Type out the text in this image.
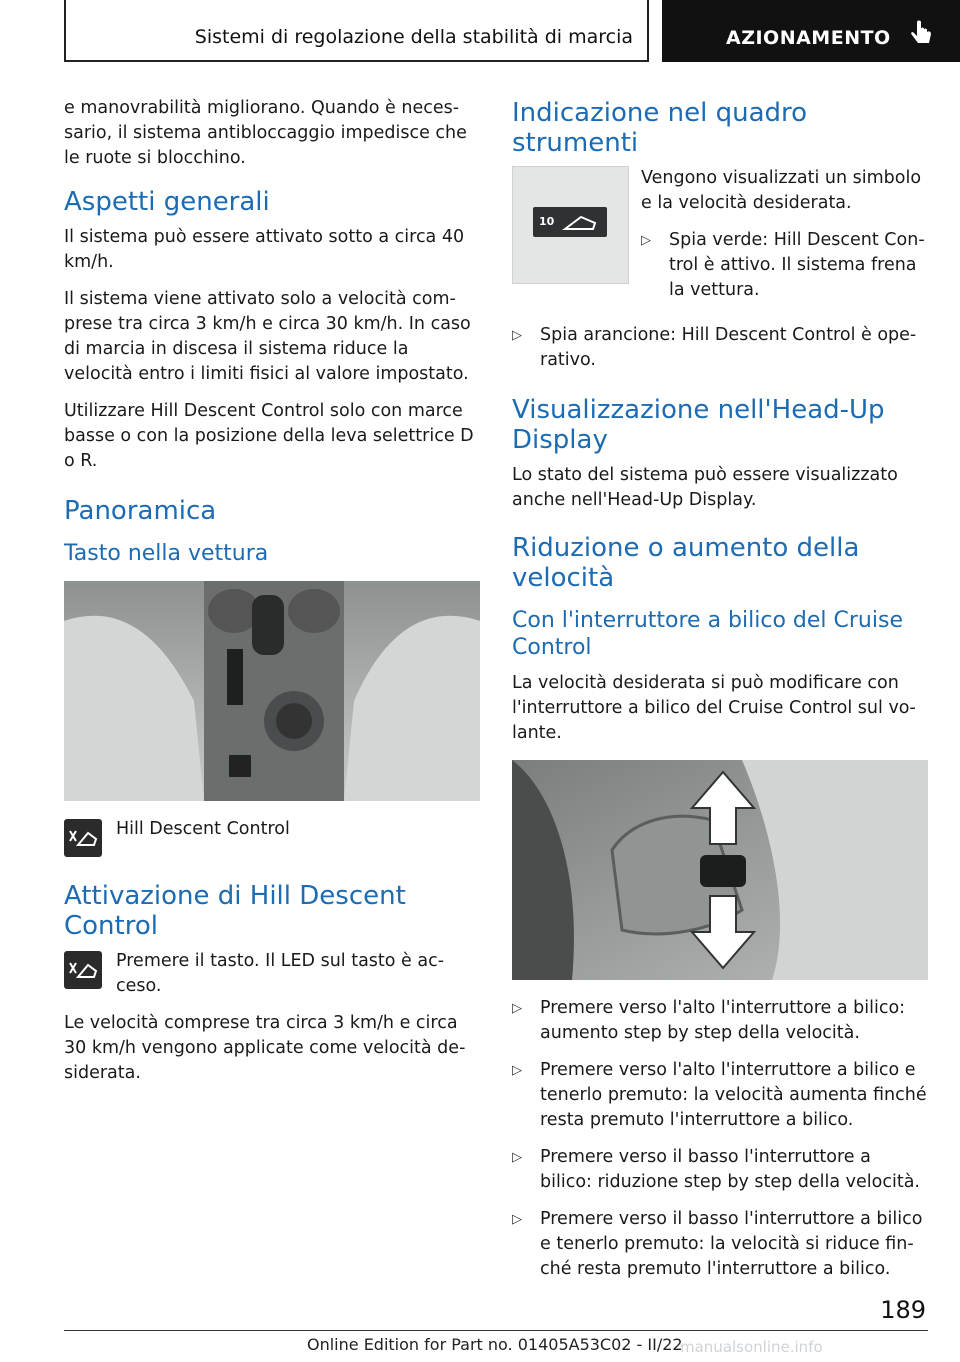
Sistemi di regolazione della stabilità di marcia	AZIONAMENTO

e manovrabilità migliorano. Quando è necessario, il sistema antibloccaggio impedisce che le ruote si blocchino.

Aspetti generali

Il sistema può essere attivato sotto a circa 40 km/h.

Il sistema viene attivato solo a velocità comprese tra circa 3 km/h e circa 30 km/h. In caso di marcia in discesa il sistema riduce la velocità entro i limiti fisici al valore impostato.

Utilizzare Hill Descent Control solo con marce basse o con la posizione della leva selettrice D o R.

Panoramica
Tasto nella vettura

Hill Descent Control

Attivazione di Hill Descent Control

Premere il tasto. Il LED sul tasto è acceso.

Le velocità comprese tra circa 3 km/h e circa 30 km/h vengono applicate come velocità desiderata.

Indicazione nel quadro strumenti
10

Vengono visualizzati un simbolo e la velocità desiderata.

▷ Spia verde: Hill Descent Control è attivo. Il sistema frena la vettura.
▷ Spia arancione: Hill Descent Control è operativo.
Visualizzazione nell'Head-Up Display

Lo stato del sistema può essere visualizzato anche nell'Head-Up Display.

Riduzione o aumento della velocità
Con l'interruttore a bilico del Cruise Control

La velocità desiderata si può modificare con l'interruttore a bilico del Cruise Control sul volante.

▷ Premere verso l'alto l'interruttore a bilico: aumento step by step della velocità.
▷ Premere verso l'alto l'interruttore a bilico e tenerlo premuto: la velocità aumenta finché resta premuto l'interruttore a bilico.
▷ Premere verso il basso l'interruttore a bilico: riduzione step by step della velocità.
▷ Premere verso il basso l'interruttore a bilico e tenerlo premuto: la velocità si riduce finché resta premuto l'interruttore a bilico.
189
Online Edition for Part no. 01405A53C02 - II/22
manualsonline.info
